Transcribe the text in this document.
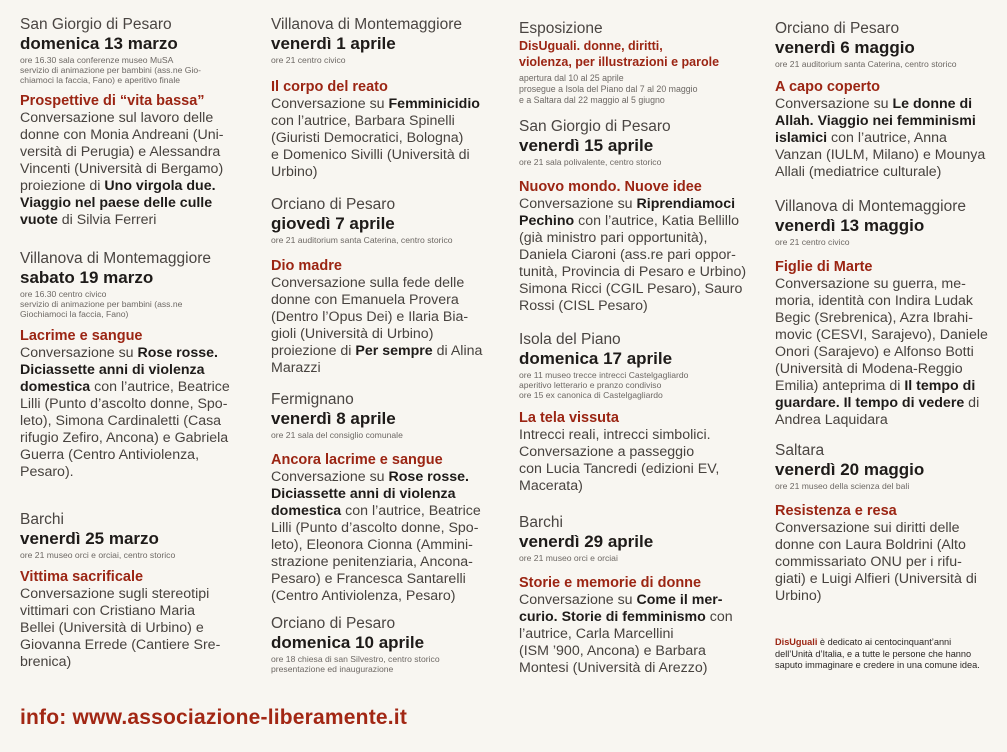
San Giorgio di Pesaro
domenica 13 marzo
ore 16.30 sala conferenze museo MuSA
servizio di animazione per bambini (ass.ne Gio-
chiamoci la faccia, Fano) e aperitivo finale
Prospettive di “vita bassa”
Conversazione sul lavoro delle
donne con Monia Andreani (Uni-
versità di Perugia) e Alessandra
Vincenti (Università di Bergamo)
proiezione di Uno virgola due.
Viaggio nel paese delle culle
vuote di Silvia Ferreri
Villanova di Montemaggiore
sabato 19 marzo
ore 16.30 centro civico
servizio di animazione per bambini (ass.ne
Giochiamoci la faccia, Fano)
Lacrime e sangue
Conversazione su Rose rosse.
Diciassette anni di violenza
domestica con l’autrice, Beatrice
Lilli (Punto d’ascolto donne, Spo-
leto), Simona Cardinaletti (Casa
rifugio Zefiro, Ancona) e Gabriela
Guerra (Centro Antiviolenza,
Pesaro).
Barchi
venerdì 25 marzo
ore 21 museo orci e orciai, centro storico
Vittima sacrificale
Conversazione sugli stereotipi
vittimari con Cristiano Maria
Bellei (Università di Urbino) e
Giovanna Errede (Cantiere Sre-
brenica)
Villanova di Montemaggiore
venerdì 1 aprile
ore 21 centro civico
Il corpo del reato
Conversazione su Femminicidio
con l’autrice, Barbara Spinelli
(Giuristi Democratici, Bologna)
e Domenico Sivilli (Università di
Urbino)
Orciano di Pesaro
giovedì 7 aprile
ore 21 auditorium santa Caterina, centro storico
Dio madre
Conversazione sulla fede delle
donne con Emanuela Provera
(Dentro l’Opus Dei) e Ilaria Bia-
gioli (Università di Urbino)
proiezione di Per sempre di Alina
Marazzi
Fermignano
venerdì 8 aprile
ore 21 sala del consiglio comunale
Ancora lacrime e sangue
Conversazione su Rose rosse.
Diciassette anni di violenza
domestica con l’autrice, Beatrice
Lilli (Punto d’ascolto donne, Spo-
leto), Eleonora Cionna (Ammini-
strazione penitenziaria, Ancona-
Pesaro) e Francesca Santarelli
(Centro Antiviolenza, Pesaro)
Orciano di Pesaro
domenica 10 aprile
ore 18 chiesa di san Silvestro, centro storico
presentazione ed inaugurazione
Esposizione
DisUguali. donne, diritti,
violenza, per illustrazioni e parole
apertura dal 10 al 25 aprile
prosegue a Isola del Piano dal 7 al 20 maggio
e a Saltara dal 22 maggio al 5 giugno
San Giorgio di Pesaro
venerdì 15 aprile
ore 21 sala polivalente, centro storico
Nuovo mondo. Nuove idee
Conversazione su Riprendiamoci
Pechino con l’autrice, Katia Bellillo
(già ministro pari opportunità),
Daniela Ciaroni (ass.re pari oppor-
tunità, Provincia di Pesaro e Urbino)
Simona Ricci (CGIL Pesaro), Sauro
Rossi (CISL Pesaro)
Isola del Piano
domenica 17 aprile
ore 11 museo trecce intrecci Castelgagliardo
aperitivo letterario e pranzo condiviso
ore 15 ex canonica di Castelgagliardo
La tela vissuta
Intrecci reali, intrecci simbolici.
Conversazione a passeggio
con Lucia Tancredi (edizioni EV,
Macerata)
Barchi
venerdì 29 aprile
ore 21 museo orci e orciai
Storie e memorie di donne
Conversazione su Come il mer-
curio. Storie di femminismo con
l’autrice, Carla Marcellini
(ISM ’900, Ancona) e Barbara
Montesi (Università di Arezzo)
Orciano di Pesaro
venerdì 6 maggio
ore 21 auditorium santa Caterina, centro storico
A capo coperto
Conversazione su Le donne di
Allah. Viaggio nei femminismi
islamici con l’autrice, Anna
Vanzan (IULM, Milano) e Mounya
Allali (mediatrice culturale)
Villanova di Montemaggiore
venerdì 13 maggio
ore 21 centro civico
Figlie di Marte
Conversazione su guerra, me-
moria, identità con Indira Ludak
Begic (Srebrenica), Azra Ibrahi-
movic (CESVI, Sarajevo), Daniele
Onori (Sarajevo) e Alfonso Botti
(Università di Modena-Reggio
Emilia) anteprima di Il tempo di
guardare. Il tempo di vedere di
Andrea Laquidara
Saltara
venerdì 20 maggio
ore 21 museo della scienza del bali
Resistenza e resa
Conversazione sui diritti delle
donne con Laura Boldrini (Alto
commissariato ONU per i rifu-
giati) e Luigi Alfieri (Università di
Urbino)
DisUguali è dedicato ai centocinquant’anni
dell’Unità d’Italia, e a tutte le persone che hanno
saputo immaginare e credere in una comune idea.
info: www.associazione-liberamente.it
